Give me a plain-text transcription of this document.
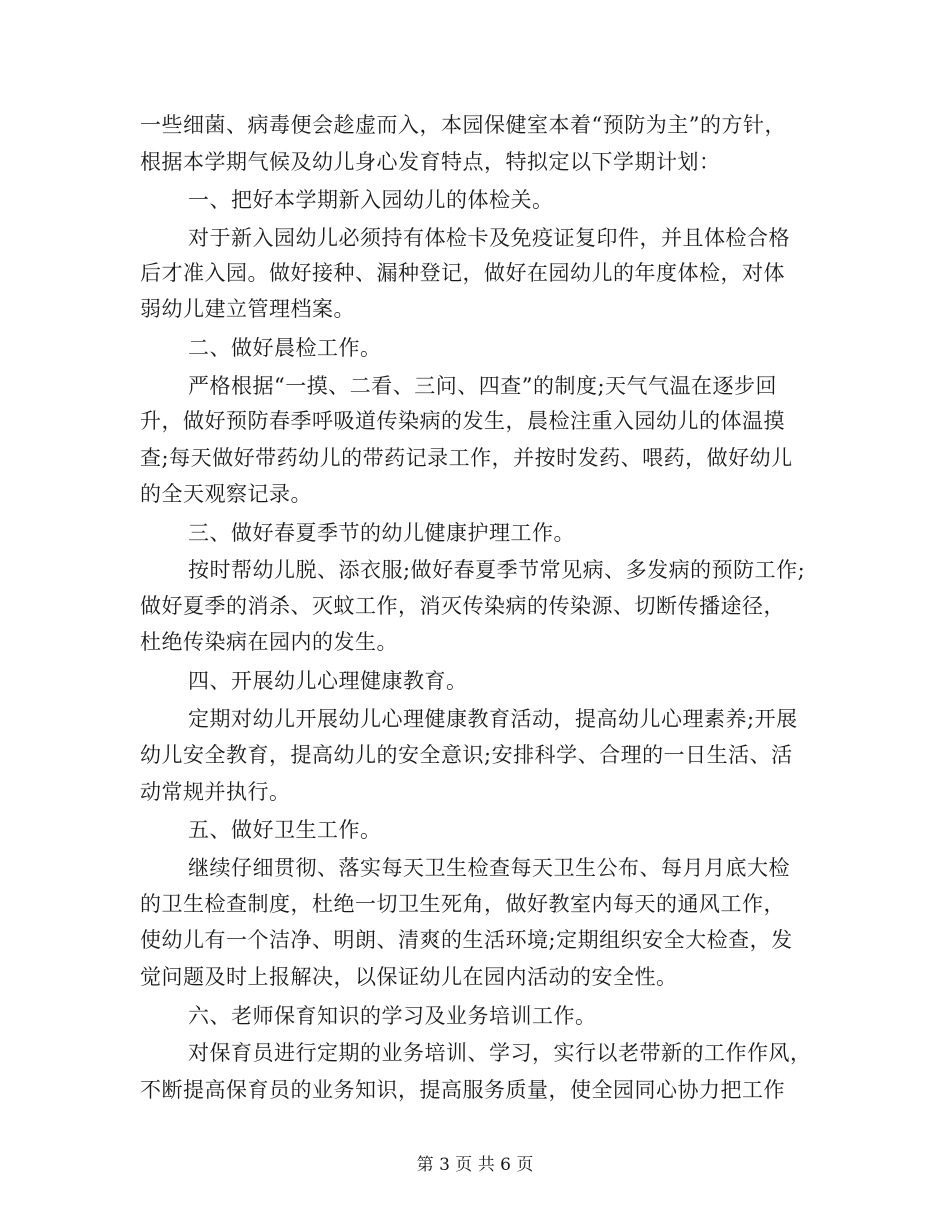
一些细菌、病毒便会趁虚而入，本园保健室本着“预防为主”的方针，
根据本学期气候及幼儿身心发育特点，特拟定以下学期计划：
一、把好本学期新入园幼儿的体检关。
对于新入园幼儿必须持有体检卡及免疫证复印件，并且体检合格
后才准入园。做好接种、漏种登记，做好在园幼儿的年度体检，对体
弱幼儿建立管理档案。
二、做好晨检工作。
严格根据“一摸、二看、三问、四查”的制度;天气气温在逐步回
升，做好预防春季呼吸道传染病的发生，晨检注重入园幼儿的体温摸
查;每天做好带药幼儿的带药记录工作，并按时发药、喂药，做好幼儿
的全天观察记录。
三、做好春夏季节的幼儿健康护理工作。
按时帮幼儿脱、添衣服;做好春夏季节常见病、多发病的预防工作;
做好夏季的消杀、灭蚊工作，消灭传染病的传染源、切断传播途径，
杜绝传染病在园内的发生。
四、开展幼儿心理健康教育。
定期对幼儿开展幼儿心理健康教育活动，提高幼儿心理素养;开展
幼儿安全教育，提高幼儿的安全意识;安排科学、合理的一日生活、活
动常规并执行。
五、做好卫生工作。
继续仔细贯彻、落实每天卫生检查每天卫生公布、每月月底大检
的卫生检查制度，杜绝一切卫生死角，做好教室内每天的通风工作，
使幼儿有一个洁净、明朗、清爽的生活环境;定期组织安全大检查，发
觉问题及时上报解决，以保证幼儿在园内活动的安全性。
六、老师保育知识的学习及业务培训工作。
对保育员进行定期的业务培训、学习，实行以老带新的工作作风，
不断提高保育员的业务知识，提高服务质量，使全园同心协力把工作
第 3 页 共 6 页
